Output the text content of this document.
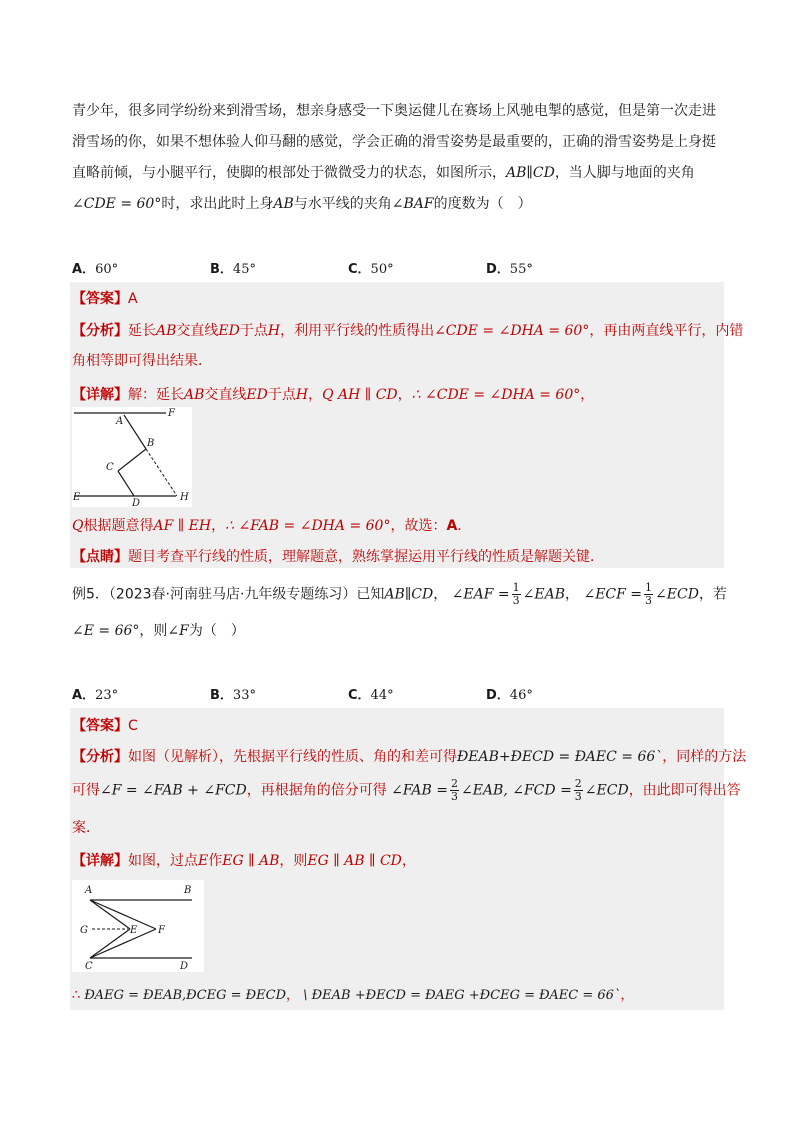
青少年，很多同学纷纷来到滑雪场，想亲身感受一下奥运健儿在赛场上风驰电掣的感觉，但是第一次走进
滑雪场的你，如果不想体验人仰马翻的感觉，学会正确的滑雪姿势是最重要的，正确的滑雪姿势是上身挺
直略前倾，与小腿平行，使脚的根部处于微微受力的状态，如图所示，AB∥CD，当人脚与地面的夹角
∠CDE = 60°时，求出此时上身AB与水平线的夹角∠BAF的度数为（　）
A．60°	B．45°	C．50°	D．55°
【答案】A
【分析】延长AB交直线ED于点H，利用平行线的性质得出∠CDE = ∠DHA = 60°，再由两直线平行，内错
角相等即可得出结果．
【详解】解：延长AB交直线ED于点H，Q AH ∥ CD，∴ ∠CDE = ∠DHA = 60°，
F
A
B
C
E
D
H
Q根据题意得AF ∥ EH，∴ ∠FAB = ∠DHA = 60°，故选：A．
【点睛】题目考查平行线的性质，理解题意，熟练掌握运用平行线的性质是解题关键．
例5．（2023春·河南驻马店·九年级专题练习）已知AB∥CD， ∠EAF = $\frac{1}{3}$ ∠EAB， ∠ECF = $\frac{1}{3}$ ∠ECD，若
∠E = 66°，则∠F为（　）
A．23°	B．33°	C．44°	D．46°
【答案】C
【分析】如图（见解析），先根据平行线的性质、角的和差可得ÐEAB+ÐECD = ÐAEC = 66`，同样的方法
可得∠F = ∠FAB + ∠FCD，再根据角的倍分可得 ∠FAB = $\frac{2}{3}$ ∠EAB, ∠FCD = $\frac{2}{3}$ ∠ECD，由此即可得出答
案．
【详解】如图，过点E作EG ∥ AB，则EG ∥ AB ∥ CD，
A	B
G	E F
C	D
∴ ÐAEG = ÐEAB,ÐCEG = ÐECD， \ ÐEAB +ÐECD = ÐAEG +ÐCEG = ÐAEC = 66`，
